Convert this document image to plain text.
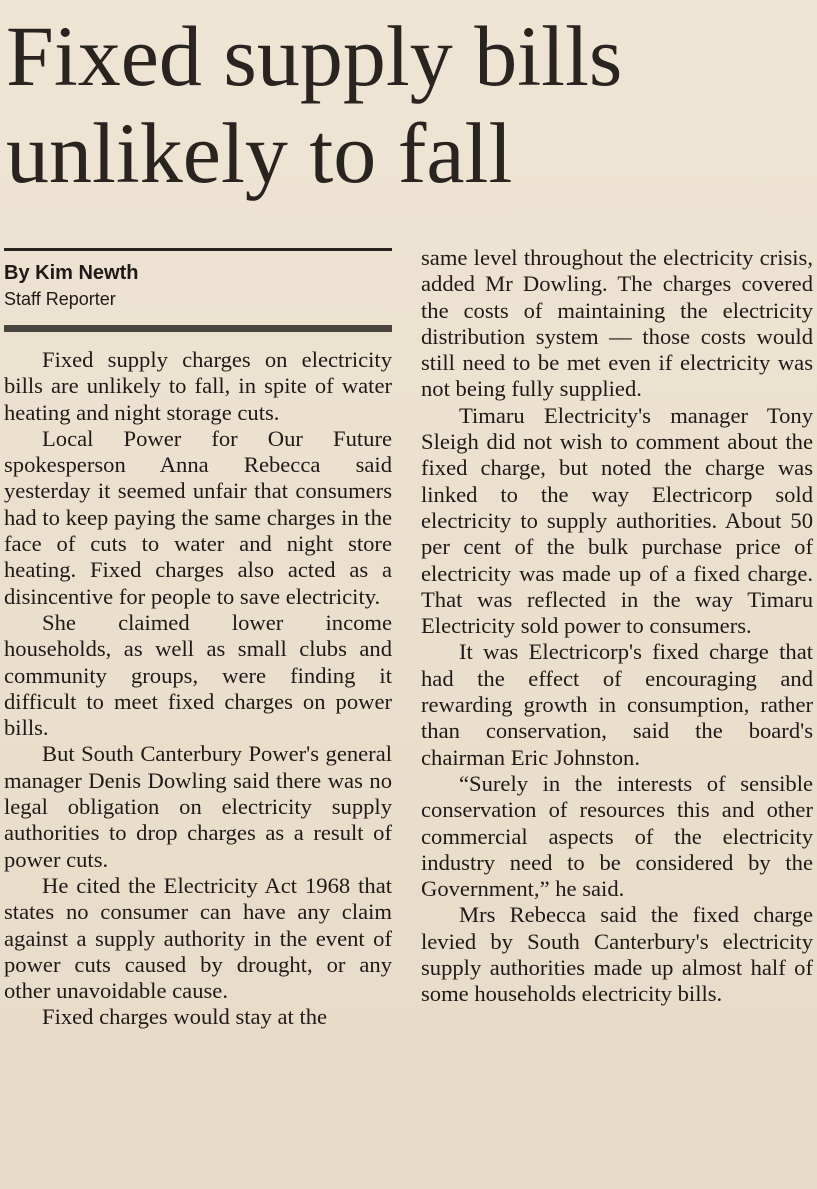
Fixed supply bills
unlikely to fall
By Kim Newth
Staff Reporter

Fixed supply charges on electricity bills are unlikely to fall, in spite of water heating and night storage cuts.

Local Power for Our Future spokesperson Anna Rebecca said yesterday it seemed unfair that consumers had to keep paying the same charges in the face of cuts to water and night store heating. Fixed charges also acted as a disincentive for people to save electricity.

She claimed lower income households, as well as small clubs and community groups, were finding it difficult to meet fixed charges on power bills.

But South Canterbury Power's general manager Denis Dowling said there was no legal obligation on electricity supply authorities to drop charges as a result of power cuts.

He cited the Electricity Act 1968 that states no consumer can have any claim against a supply authority in the event of power cuts caused by drought, or any other unavoidable cause.

Fixed charges would stay at the

same level throughout the electricity crisis, added Mr Dowling. The charges covered the costs of maintaining the electricity distribution system — those costs would still need to be met even if electricity was not being fully supplied.

Timaru Electricity's manager Tony Sleigh did not wish to comment about the fixed charge, but noted the charge was linked to the way Electricorp sold electricity to supply authorities. About 50 per cent of the bulk purchase price of electricity was made up of a fixed charge. That was reflected in the way Timaru Electricity sold power to consumers.

It was Electricorp's fixed charge that had the effect of encouraging and rewarding growth in consumption, rather than conservation, said the board's chairman Eric Johnston.

“Surely in the interests of sensible conservation of resources this and other commercial aspects of the electricity industry need to be considered by the Government,” he said.

Mrs Rebecca said the fixed charge levied by South Canterbury's electricity supply authorities made up almost half of some households electricity bills.
